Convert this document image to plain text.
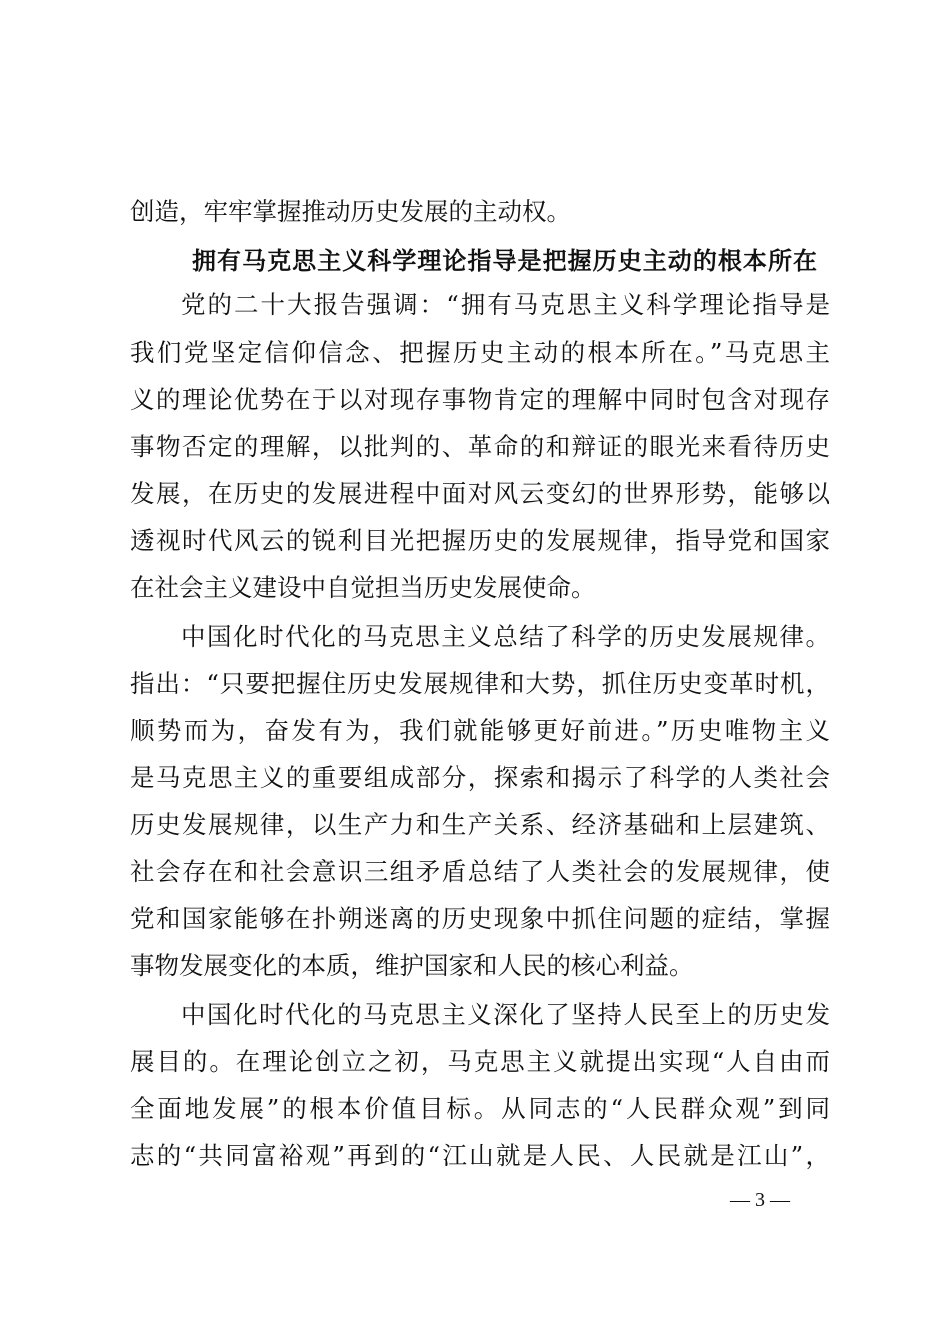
创造，牢牢掌握推动历史发展的主动权。
拥有马克思主义科学理论指导是把握历史主动的根本所在
党的二十大报告强调：“拥有马克思主义科学理论指导是
我们党坚定信仰信念、把握历史主动的根本所在。”马克思主
义的理论优势在于以对现存事物肯定的理解中同时包含对现存
事物否定的理解，以批判的、革命的和辩证的眼光来看待历史
发展，在历史的发展进程中面对风云变幻的世界形势，能够以
透视时代风云的锐利目光把握历史的发展规律，指导党和国家
在社会主义建设中自觉担当历史发展使命。
中国化时代化的马克思主义总结了科学的历史发展规律。
指出：“只要把握住历史发展规律和大势，抓住历史变革时机，
顺势而为，奋发有为，我们就能够更好前进。”历史唯物主义
是马克思主义的重要组成部分，探索和揭示了科学的人类社会
历史发展规律，以生产力和生产关系、经济基础和上层建筑、
社会存在和社会意识三组矛盾总结了人类社会的发展规律，使
党和国家能够在扑朔迷离的历史现象中抓住问题的症结，掌握
事物发展变化的本质，维护国家和人民的核心利益。
中国化时代化的马克思主义深化了坚持人民至上的历史发
展目的。在理论创立之初，马克思主义就提出实现“人自由而
全面地发展”的根本价值目标。从同志的“人民群众观”到同
志的“共同富裕观”再到的“江山就是人民、人民就是江山”，
— 3 —
